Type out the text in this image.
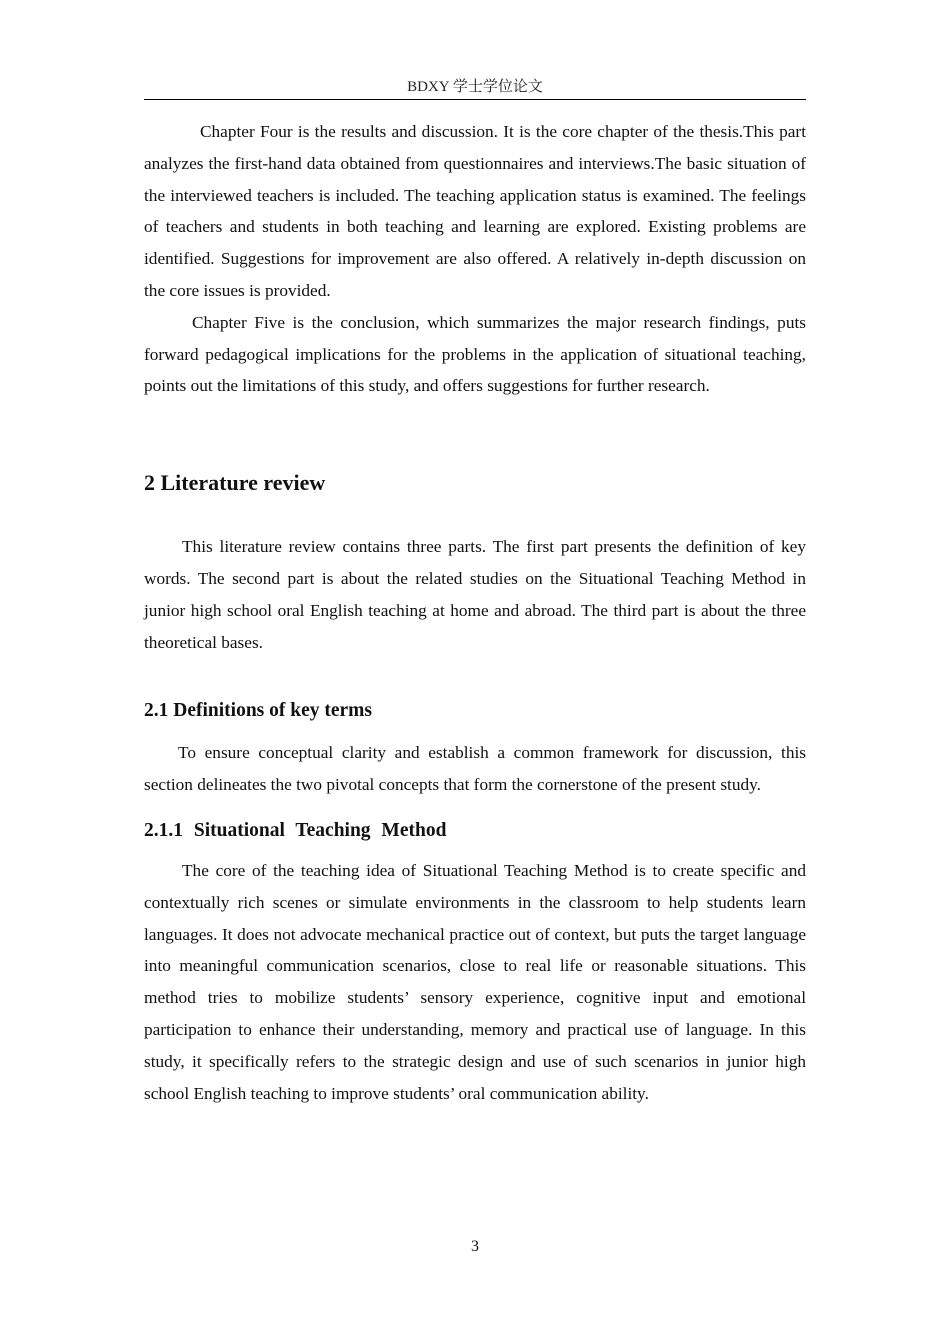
BDXY 学士学位论文

Chapter Four is the results and discussion. It is the core chapter of the thesis.This part analyzes the first-hand data obtained from questionnaires and interviews.The basic situation of the interviewed teachers is included. The teaching application status is examined. The feelings of teachers and students in both teaching and learning are explored. Existing problems are identified. Suggestions for improvement are also offered. A relatively in-depth discussion on the core issues is provided.

Chapter Five is the conclusion, which summarizes the major research findings, puts forward pedagogical implications for the problems in the application of situational teaching, points out the limitations of this study, and offers suggestions for further research.

2 Literature review

This literature review contains three parts. The first part presents the definition of key words. The second part is about the related studies on the Situational Teaching Method in junior high school oral English teaching at home and abroad. The third part is about the three theoretical bases.

2.1 Definitions of key terms

To ensure conceptual clarity and establish a common framework for discussion, this section delineates the two pivotal concepts that form the cornerstone of the present study.

2.1.1 Situational Teaching Method

The core of the teaching idea of Situational Teaching Method is to create specific and contextually rich scenes or simulate environments in the classroom to help students learn languages. It does not advocate mechanical practice out of context, but puts the target language into meaningful communication scenarios, close to real life or reasonable situations. This method tries to mobilize students’ sensory experience, cognitive input and emotional participation to enhance their understanding, memory and practical use of language. In this study, it specifically refers to the strategic design and use of such scenarios in junior high school English teaching to improve students’ oral communication ability.

3
